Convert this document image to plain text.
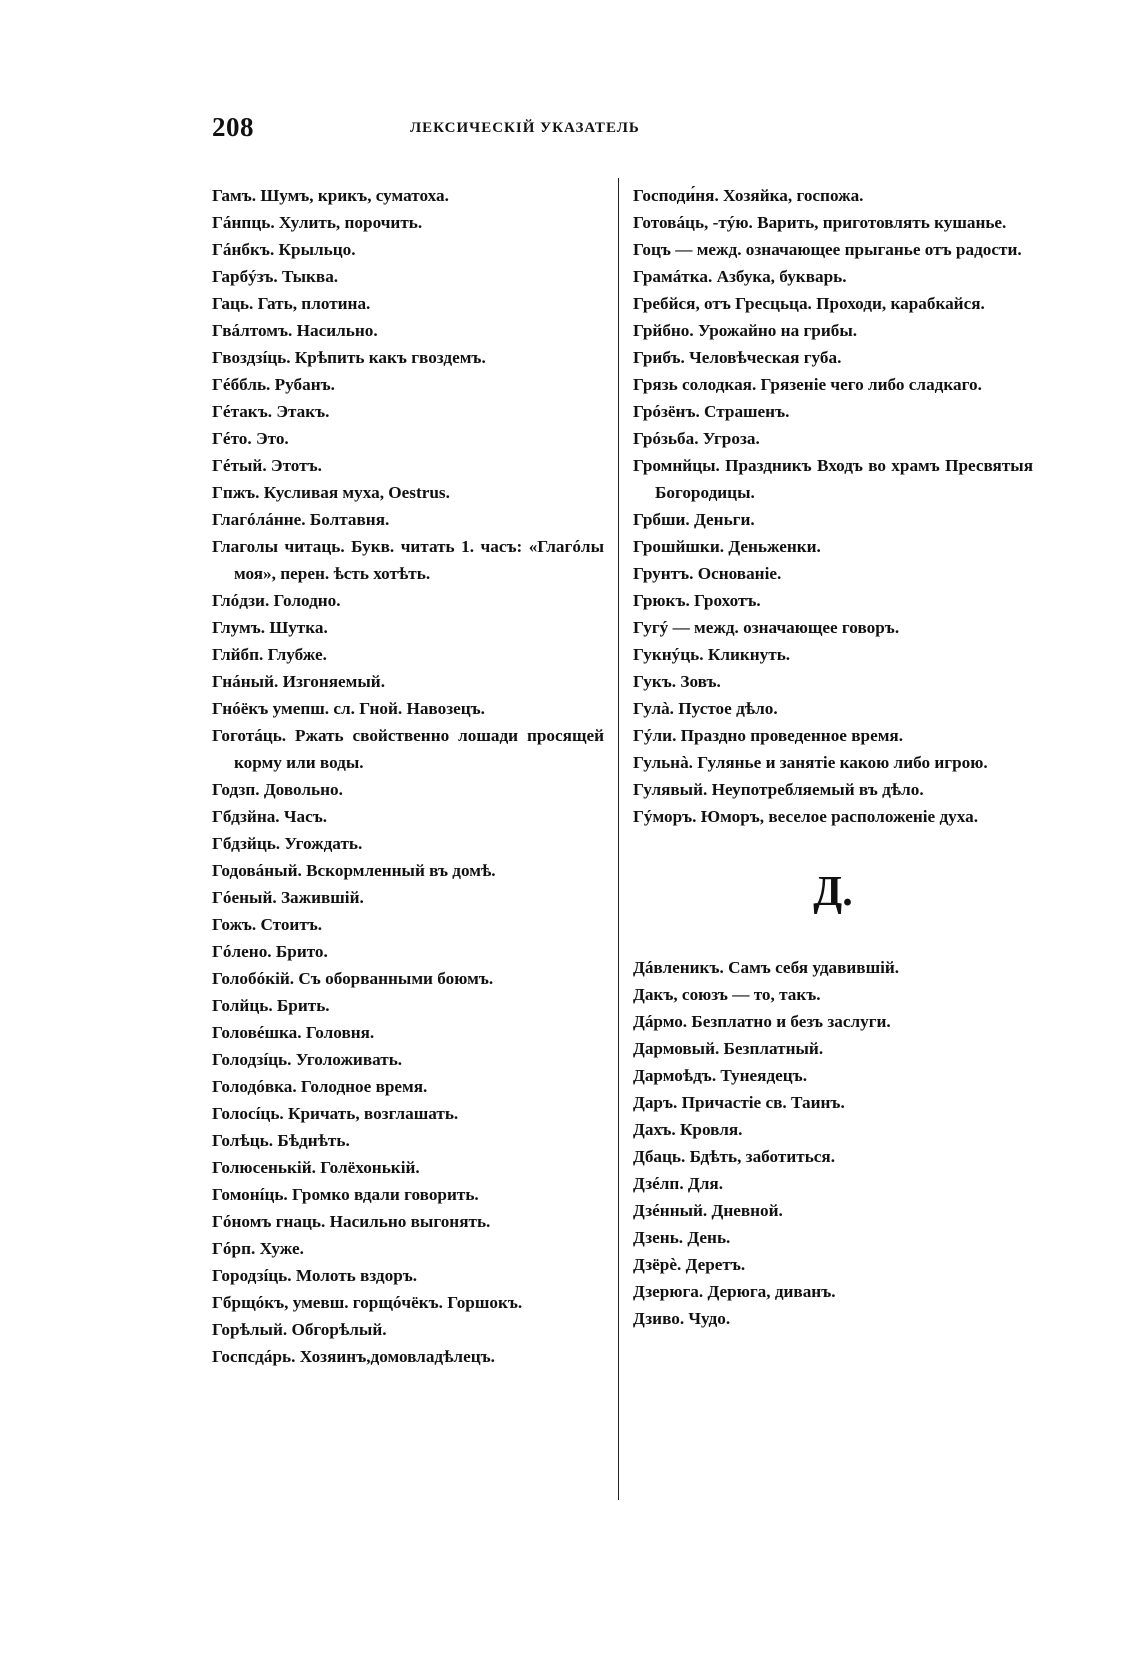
208	ЛЕКСИЧЕСКІЙ УКАЗАТЕЛЬ
Гамъ. Шумъ, крикъ, суматоха.
Гáнпць. Хулить, порочить.
Гáнбкъ. Крыльцо.
Гарбýзъ. Тыква.
Гаць. Гать, плотина.
Гвáлтомъ. Насильно.
Гвоздзíць. Крѣпить какъ гвоздемъ.
Гéббль. Рубанъ.
Гéтакъ. Этакъ.
Гéто. Это.
Гéтый. Этотъ.
Гпжъ. Кусливая муха, Oestrus.
Глагóлáнне. Болтавня.
Глаголы читаць. Букв. читать 1. часъ: «Глагóлы моя», перен. ѣсть хотѣть.
Глóдзи. Голодно.
Глумъ. Шутка.
Глйбп. Глубже.
Гнáный. Изгоняемый.
Гнóёкъ умепш. сл. Гной. Навозецъ.
Гоготáць. Ржать свойственно лошади просящей корму или воды.
Годзп. Довольно.
Гбдзйна. Часъ.
Гбдзйць. Угождать.
Годовáный. Вскормленный въ домѣ.
Гóеный. Зажившій.
Гожъ. Стоитъ.
Гóлено. Брито.
Голобóкій. Съ оборванными боюмъ.
Голйць. Брить.
Головéшка. Головня.
Голодзíць. Уголоживать.
Голодóвка. Голодное время.
Голосíць. Кричать, возглашать.
Голѣць. Бѣднѣть.
Голюсенькій. Голёхонькій.
Гомонíць. Громко вдали говорить.
Гóномъ гнаць. Насильно выгонять.
Гóрп. Хуже.
Городзíць. Молоть вздоръ.
Гбрщóкъ, умевш. горщóчёкъ. Горшокъ.
Горѣлый. Обгорѣлый.
Госпсдáрь. Хозяинъ,домовладѣлецъ.
Господи́ня. Хозяйка, госпожа.
Готовáць, -тýю. Варить, приготовлять кушанье.
Гоцъ — межд. означающее прыганье отъ радости.
Грамáтка. Азбука, букварь.
Гребйся, отъ Гресцьца. Проходи, карабкайся.
Грйбно. Урожайно на грибы.
Грибъ. Человѣческая губа.
Грязь солодкая. Грязеніе чего либо сладкаго.
Грóзёнъ. Страшенъ.
Грóзьба. Угроза.
Громнйцы. Праздникъ Входъ во храмъ Пресвятыя Богородицы.
Грбши. Деньги.
Грошйшки. Деньженки.
Грунтъ. Основаніе.
Грюкъ. Грохотъ.
Гугý — межд. означающее говоръ.
Гукнýць. Кликнуть.
Гукъ. Зовъ.
Гулà. Пустое дѣло.
Гýли. Праздно проведенное время.
Гульнà. Гулянье и занятіе какою либо игрою.
Гулявый. Неупотребляемый въ дѣло.
Гýморъ. Юморъ, веселое расположеніе духа.
Д.
Дáвленикъ. Самъ себя удавившій.
Дакъ, союзъ — то, такъ.
Дáрмо. Безплатно и безъ заслуги.
Дармовый. Безплатный.
Дармоѣдъ. Тунеядецъ.
Даръ. Причастіе св. Таинъ.
Дахъ. Кровля.
Дбаць. Бдѣть, заботиться.
Дзéлп. Для.
Дзéнный. Дневной.
Дзень. День.
Дзёрè. Деретъ.
Дзерюга. Дерюга, диванъ.
Дзиво. Чудо.
